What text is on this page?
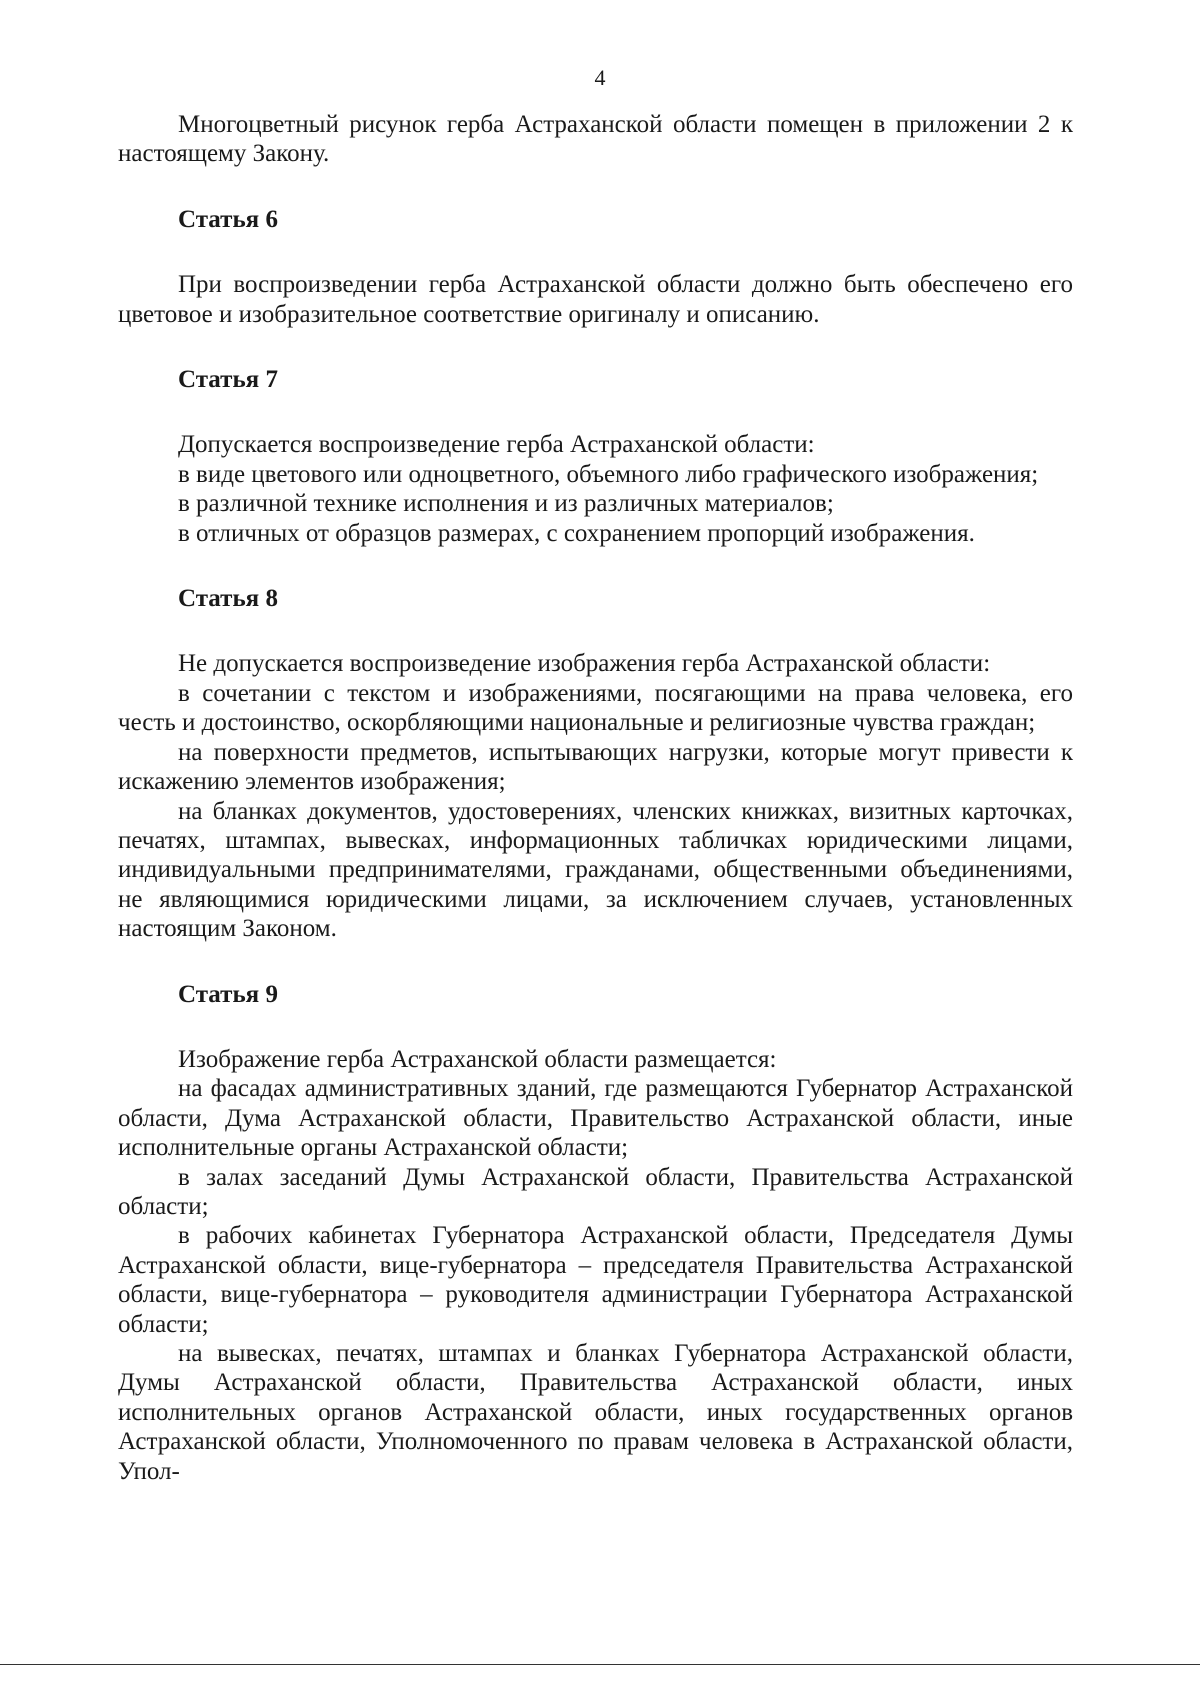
4

Многоцветный рисунок герба Астраханской области помещен в приложении 2 к настоящему Закону.

Статья 6

При воспроизведении герба Астраханской области должно быть обеспечено его цветовое и изобразительное соответствие оригиналу и описанию.

Статья 7

Допускается воспроизведение герба Астраханской области:

в виде цветового или одноцветного, объемного либо графического изображения;

в различной технике исполнения и из различных материалов;

в отличных от образцов размерах, с сохранением пропорций изображения.

Статья 8

Не допускается воспроизведение изображения герба Астраханской области:

в сочетании с текстом и изображениями, посягающими на права человека, его честь и достоинство, оскорбляющими национальные и религиозные чувства граждан;

на поверхности предметов, испытывающих нагрузки, которые могут привести к искажению элементов изображения;

на бланках документов, удостоверениях, членских книжках, визитных карточках, печатях, штампах, вывесках, информационных табличках юридическими лицами, индивидуальными предпринимателями, гражданами, общественными объединениями, не являющимися юридическими лицами, за исключением случаев, установленных настоящим Законом.

Статья 9

Изображение герба Астраханской области размещается:

на фасадах административных зданий, где размещаются Губернатор Астраханской области, Дума Астраханской области, Правительство Астраханской области, иные исполнительные органы Астраханской области;

в залах заседаний Думы Астраханской области, Правительства Астраханской области;

в рабочих кабинетах Губернатора Астраханской области, Председателя Думы Астраханской области, вице-губернатора – председателя Правительства Астраханской области, вице-губернатора – руководителя администрации Губернатора Астраханской области;

на вывесках, печатях, штампах и бланках Губернатора Астраханской области, Думы Астраханской области, Правительства Астраханской области, иных исполнительных органов Астраханской области, иных государственных органов Астраханской области, Уполномоченного по правам человека в Астраханской области, Упол-
